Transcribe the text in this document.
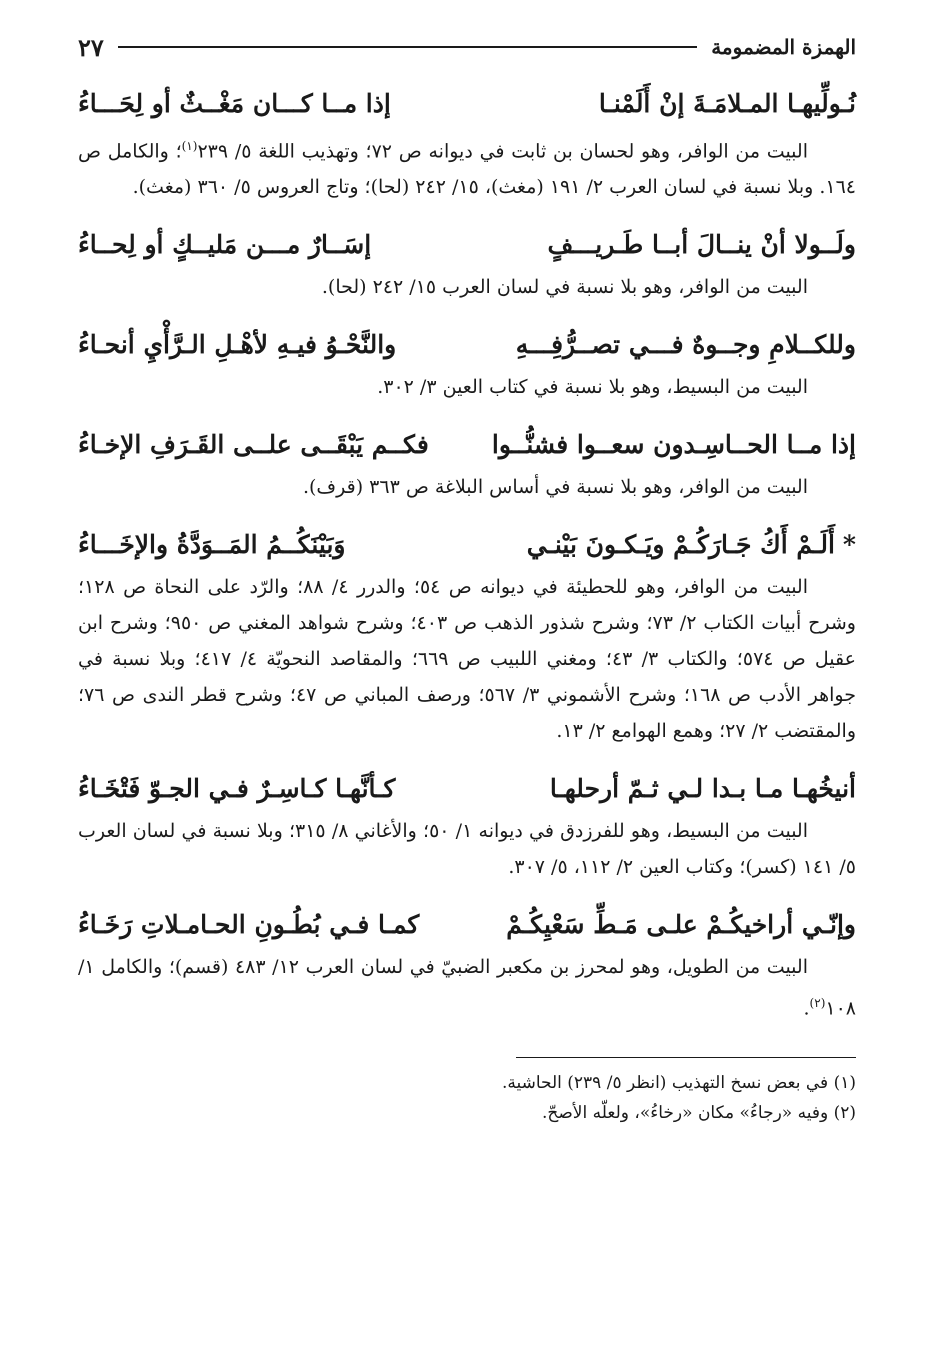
الهمزة المضمومة
٢٧
نُـولِّيهـا المـلامَـةَ إنْ أَلَمْنـا
إذا مــا كـــان مَغْــثٌ أو لِحَـــاءُ

البيت من الوافر، وهو لحسان بن ثابت في ديوانه ص ٧٢؛ وتهذيب اللغة ٥/ ٢٣٩$^{(١)}$؛ والكامل ص ١٦٤. وبلا نسبة في لسان العرب ٢/ ١٩١ (مغث)، ١٥/ ٢٤٢ (لحا)؛ وتاج العروس ٥/ ٣٦٠ (مغث).

ولَــولا أنْ ينــالَ أبــا طَـريـــفٍ
إسَــارٌ مـــن مَليــكٍ أو لِحــاءُ

البيت من الوافر، وهو بلا نسبة في لسان العرب ١٥/ ٢٤٢ (لحا).

وللكــلامِ وجــوهٌ فـــي تصــرُّفِـــهِ
والنَّحْـوُ فيـهِ لأهْـلِ الـرَّأْيِ أنحـاءُ

البيت من البسيط، وهو بلا نسبة في كتاب العين ٣/ ٣٠٢.

إذا مــا الحــاسِـدون سعــوا فشنُّــوا
فكــم يَبْقَــى علــى القَـرَفِ الإخـاءُ

البيت من الوافر، وهو بلا نسبة في أساس البلاغة ص ٣٦٣ (قرف).

*أَلَـمْ أَكُ جَـارَكُـمْ ويَـكـونَ بَيْنـي
وَبَيْنَكُــمُ المَــوَدَّةُ والإخَـــاءُ

البيت من الوافر، وهو للحطيئة في ديوانه ص ٥٤؛ والدرر ٤/ ٨٨؛ والرّد على النحاة ص ١٢٨؛ وشرح أبيات الكتاب ٢/ ٧٣؛ وشرح شذور الذهب ص ٤٠٣؛ وشرح شواهد المغني ص ٩٥٠؛ وشرح ابن عقيل ص ٥٧٤؛ والكتاب ٣/ ٤٣؛ ومغني اللبيب ص ٦٦٩؛ والمقاصد النحويّة ٤/ ٤١٧؛ وبلا نسبة في جواهر الأدب ص ١٦٨؛ وشرح الأشموني ٣/ ٥٦٧؛ ورصف المباني ص ٤٧؛ وشرح قطر الندى ص ٧٦؛ والمقتضب ٢/ ٢٧؛ وهمع الهوامع ٢/ ١٣.

أنيخُهـا مـا بـدا لـي ثـمّ أرحلهـا
كـأنَّهـا كـاسِـرٌ فـي الجـوّ فَتْخَـاءُ

البيت من البسيط، وهو للفرزدق في ديوانه ١/ ٥٠؛ والأغاني ٨/ ٣١٥؛ وبلا نسبة في لسان العرب ٥/ ١٤١ (كسر)؛ وكتاب العين ٢/ ١١٢، ٥/ ٣٠٧.

وإنّـي أراخيكُـمْ علـى مَـطِّ سَعْيِكُـمْ
كمـا فـي بُطُـونِ الحـامـلاتِ رَخَـاءُ

البيت من الطويل، وهو لمحرز بن مكعبر الضبيّ في لسان العرب ١٢/ ٤٨٣ (قسم)؛ والكامل ١/ ١٠٨$^{(٢)}$.

(١) في بعض نسخ التهذيب (انظر ٥/ ٢٣٩) الحاشية.

(٢) وفيه «رجاءُ» مكان «رخاءُ»، ولعلّه الأصحّ.
